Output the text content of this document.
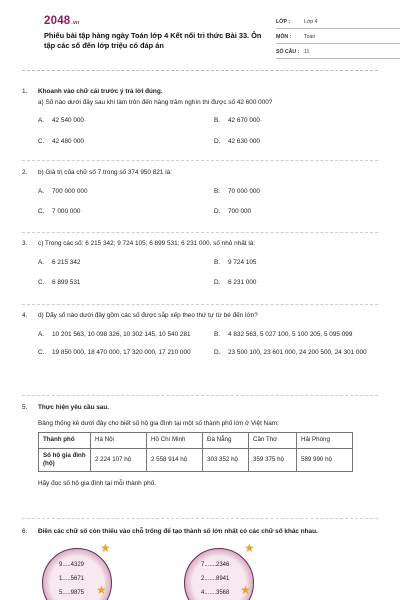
2048.vn
Phiếu bài tập hàng ngày Toán lớp 4 Kết nối tri thức Bài 33. Ôn tập các số đến lớp triệu có đáp án
LỚP :	Lớp 4
MÔN :	Toán
SỐ CÂU : 11
1.	Khoanh vào chữ cái trước ý trả lời đúng.
a) Số nào dưới đây sau khi làm tròn đến hàng trăm nghìn thì được số 42 600 000?
A.	42 540 000	B.	42 670 000
C.	42 480 000	D.	42 630 000
2.	b) Giá trị của chữ số 7 trong số 374 950 821 là:
A.	700 000 000	B.	70 000 000
C.	7 000 000	D.	700 000
3.	c) Trong các số: 6 215 342; 9 724 105; 6 899 531; 6 231 000, số nhỏ nhất là:
A.	6 215 342	B.	9 724 105
C.	6 899 531	D.	6 231 000
4.	d) Dãy số nào dưới đây gồm các số được sắp xếp theo thứ tự từ bé đến lớn?
A.	10 201 563, 10 098 326, 10 302 145, 10 540 281	B.	4 832 563, 5 027 100, 5 100 205, 5 095 099
C.	19 850 000, 18 470 000, 17 320 000, 17 210 000	D.	23 500 100, 23 601 000, 24 200 500, 24 301 000
5.	Thực hiện yêu cầu sau.
Bảng thống kê dưới đây cho biết số hộ gia đình tại một số thành phố lớn ở Việt Nam:
Thành phố	Hà Nội	Hồ Chí Minh	Đà Nẵng	Cần Thơ	Hải Phòng
Số hộ gia đình (hộ)	2 224 107 hộ	2 558 914 hộ	303 352 hộ	359 375 hộ	589 990 hộ
Hãy đọc số hộ gia đình tại mỗi thành phố.
6.	Điền các chữ số còn thiếu vào chỗ trống để tạo thành số lớn nhất có các chữ số khác nhau.
9.....4329
1.....5671
5.....9875
★
★
7.......2346
2.......8941
4.......3568
★
★
